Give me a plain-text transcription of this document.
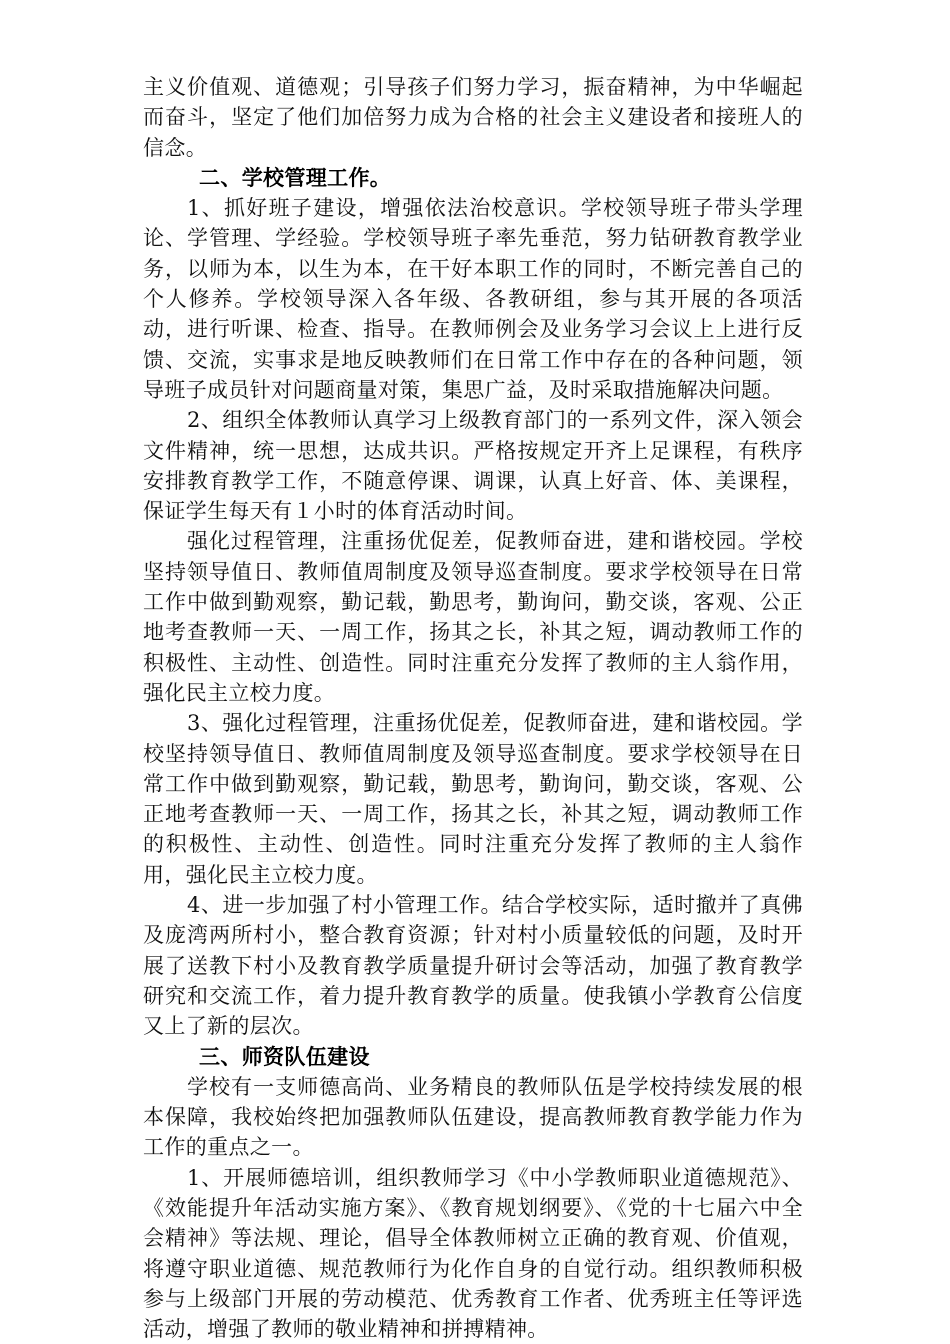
主义价值观、道德观；引导孩子们努力学习，振奋精神，为中华崛起而奋斗，坚定了他们加倍努力成为合格的社会主义建设者和接班人的信念。

二、学校管理工作。

1、抓好班子建设，增强依法治校意识。学校领导班子带头学理论、学管理、学经验。学校领导班子率先垂范，努力钻研教育教学业务，以师为本，以生为本，在干好本职工作的同时，不断完善自己的个人修养。学校领导深入各年级、各教研组，参与其开展的各项活动，进行听课、检查、指导。在教师例会及业务学习会议上上进行反馈、交流，实事求是地反映教师们在日常工作中存在的各种问题，领导班子成员针对问题商量对策，集思广益，及时采取措施解决问题。

2、组织全体教师认真学习上级教育部门的一系列文件，深入领会文件精神，统一思想，达成共识。严格按规定开齐上足课程，有秩序安排教育教学工作，不随意停课、调课，认真上好音、体、美课程，保证学生每天有１小时的体育活动时间。

强化过程管理，注重扬优促差，促教师奋进，建和谐校园。学校坚持领导值日、教师值周制度及领导巡查制度。要求学校领导在日常工作中做到勤观察，勤记载，勤思考，勤询问，勤交谈，客观、公正地考查教师一天、一周工作，扬其之长，补其之短，调动教师工作的积极性、主动性、创造性。同时注重充分发挥了教师的主人翁作用，强化民主立校力度。

3、强化过程管理，注重扬优促差，促教师奋进，建和谐校园。学校坚持领导值日、教师值周制度及领导巡查制度。要求学校领导在日常工作中做到勤观察，勤记载，勤思考，勤询问，勤交谈，客观、公正地考查教师一天、一周工作，扬其之长，补其之短，调动教师工作的积极性、主动性、创造性。同时注重充分发挥了教师的主人翁作用，强化民主立校力度。

4、进一步加强了村小管理工作。结合学校实际，适时撤并了真佛及庞湾两所村小，整合教育资源；针对村小质量较低的问题，及时开展了送教下村小及教育教学质量提升研讨会等活动，加强了教育教学研究和交流工作，着力提升教育教学的质量。使我镇小学教育公信度又上了新的层次。

三、师资队伍建设

学校有一支师德高尚、业务精良的教师队伍是学校持续发展的根本保障，我校始终把加强教师队伍建设，提高教师教育教学能力作为工作的重点之一。

1、开展师德培训，组织教师学习《中小学教师职业道德规范》、《效能提升年活动实施方案》、《教育规划纲要》、《党的十七届六中全会精神》等法规、理论，倡导全体教师树立正确的教育观、价值观，将遵守职业道德、规范教师行为化作自身的自觉行动。组织教师积极参与上级部门开展的劳动模范、优秀教育工作者、优秀班主任等评选活动，增强了教师的敬业精神和拼搏精神。
